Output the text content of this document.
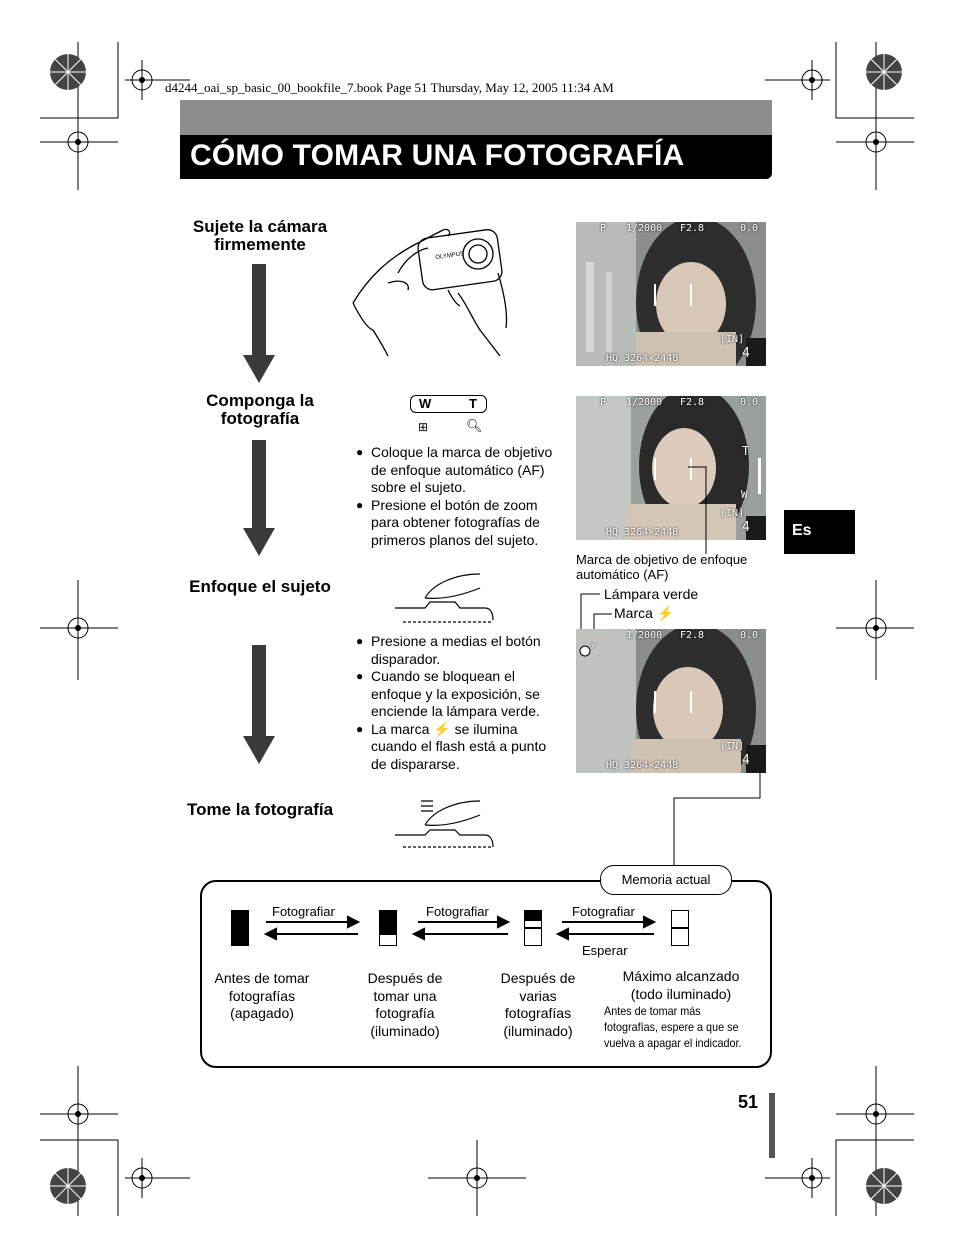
d4244_oai_sp_basic_00_bookfile_7.book Page 51 Thursday, May 12, 2005 11:34 AM
CÓMO TOMAR UNA FOTOGRAFÍA
Sujete la cámara firmemente
Componga la fotografía
Enfoque el sujeto
Tome la fotografía
OLYMPUS
P 1/2000 F2.8	0.0
[IN]
4
HQ 3264×2448
W	T
⊞	🔍︎
● Coloque la marca de objetivo de enfoque automático (AF) sobre el sujeto.
● Presione el botón de zoom para obtener fotografías de primeros planos del sujeto.
P 1/2000 F2.8	0.0
T
W
[IN]
4
HQ 3264×2448
Marca de objetivo de enfoque automático (AF)
Es
● Presione a medias el botón disparador.
● Cuando se bloquean el enfoque y la exposición, se enciende la lámpara verde.
● La marca ⚡ se ilumina cuando el flash está a punto de dispararse.
Lámpara verde
Marca ⚡
⚡
1/2000 F2.8	0.0
[IN]
4
HQ 3264×2448
Memoria actual
Fotografiar	Fotografiar	Fotografiar
Esperar
Antes de tomar fotografías (apagado)
Después de tomar una fotografía (iluminado)
Después de varias fotografías (iluminado)
Máximo alcanzado (todo iluminado)
Antes de tomar más fotografías, espere a que se vuelva a apagar el indicador.
51
